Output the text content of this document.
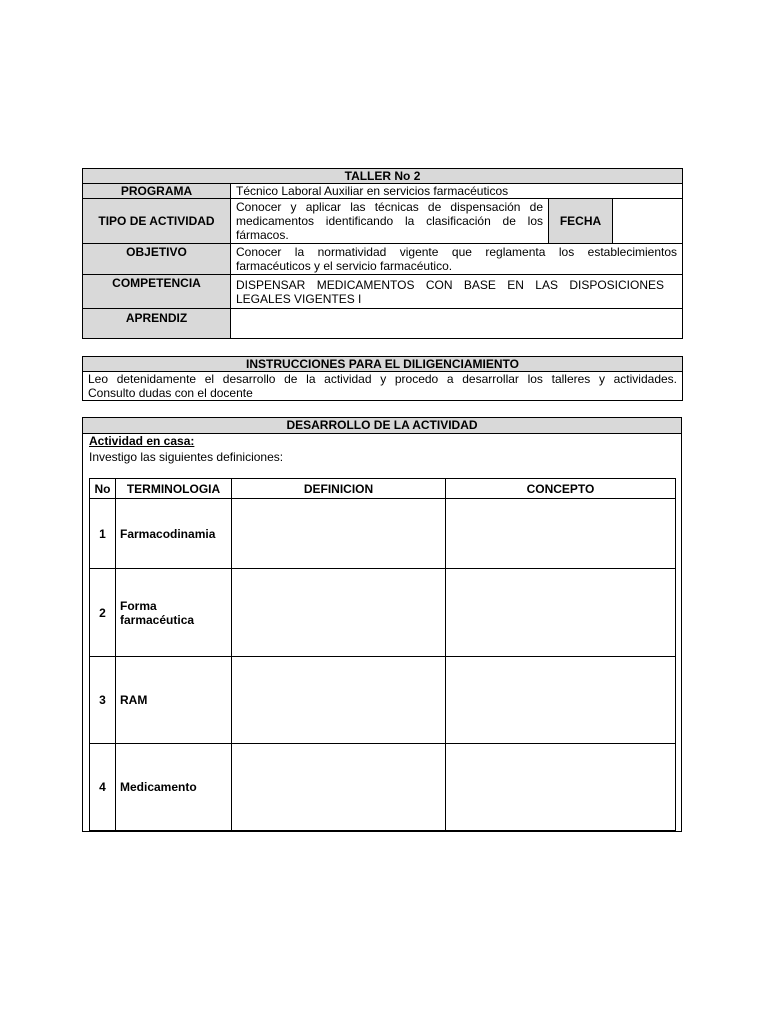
TALLER No 2			
PROGRAMA	Técnico Laboral Auxiliar en servicios farmacéuticos		
TIPO DE ACTIVIDAD	Conocer y aplicar las técnicas de dispensación de
medicamentos identificando la clasificación de los
fármacos.	FECHA	
OBJETIVO	Conocer la normatividad vigente que reglamenta los establecimientos
farmacéuticos y el servicio farmacéutico.		

COMPETENCIA	DISPENSAR MEDICAMENTOS CON BASE EN LAS DISPOSICIONES
LEGALES VIGENTES I		

APRENDIZ			
INSTRUCCIONES PARA EL DILIGENCIAMIENTO

Leo detenidamente el desarrollo de la actividad y procedo a desarrollar los talleres y actividades.
Consulto dudas con el docente
DESARROLLO DE LA ACTIVIDAD
Actividad en casa:
Investigo las siguientes definiciones:
No	TERMINOLOGIA	DEFINICION	CONCEPTO
1	Farmacodinamia		
2	Forma farmacéutica		
3	RAM		
4	Medicamento		
